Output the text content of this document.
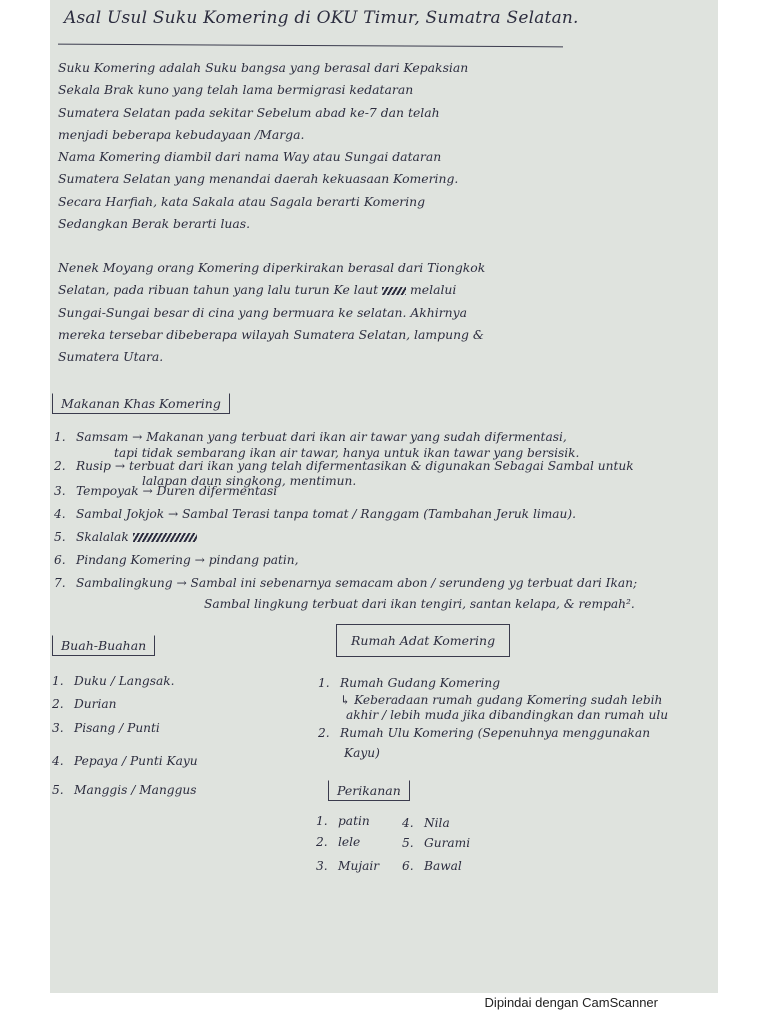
Asal Usul Suku Komering di OKU Timur, Sumatra Selatan.
Suku Komering adalah Suku bangsa yang berasal dari Kepaksian
Sekala Brak kuno yang telah lama bermigrasi kedataran
Sumatera Selatan pada sekitar Sebelum abad ke-7 dan telah
menjadi beberapa kebudayaan /Marga.
Nama Komering diambil dari nama Way atau Sungai dataran
Sumatera Selatan yang menandai daerah kekuasaan Komering.
Secara Harfiah, kata Sakala atau Sagala berarti Komering
Sedangkan Berak berarti luas.
Nenek Moyang orang Komering diperkirakan berasal dari Tiongkok
Selatan, pada ribuan tahun yang lalu turun Ke laut	melalui
Sungai-Sungai besar di cina yang bermuara ke selatan. Akhirnya
mereka tersebar dibeberapa wilayah Sumatera Selatan, lampung &
Sumatera Utara.
Makanan Khas Komering
1. Samsam → Makanan yang terbuat dari ikan air tawar yang sudah difermentasi,
tapi tidak sembarang ikan air tawar, hanya untuk ikan tawar yang bersisik.
2. Rusip → terbuat dari ikan yang telah difermentasikan & digunakan Sebagai Sambal untuk
lalapan daun singkong, mentimun.
3. Tempoyak → Duren difermentasi
4. Sambal Jokjok → Sambal Terasi tanpa tomat / Ranggam (Tambahan Jeruk limau).
5. Skalalak
6. Pindang Komering → pindang patin,
7. Sambalingkung → Sambal ini sebenarnya semacam abon / serundeng yg terbuat dari Ikan;
Sambal lingkung terbuat dari ikan tengiri, santan kelapa, & rempah².
Buah-Buahan
1. Duku / Langsak.
2. Durian
3. Pisang / Punti
4. Pepaya / Punti Kayu
5. Manggis / Manggus
Rumah Adat Komering
1. Rumah Gudang Komering
↳ Keberadaan rumah gudang Komering sudah lebih
akhir / lebih muda jika dibandingkan dan rumah ulu
2. Rumah Ulu Komering (Sepenuhnya menggunakan
Kayu)
Perikanan
1. patin
2. lele
3. Mujair
4. Nila
5. Gurami
6. Bawal
Dipindai dengan CamScanner
